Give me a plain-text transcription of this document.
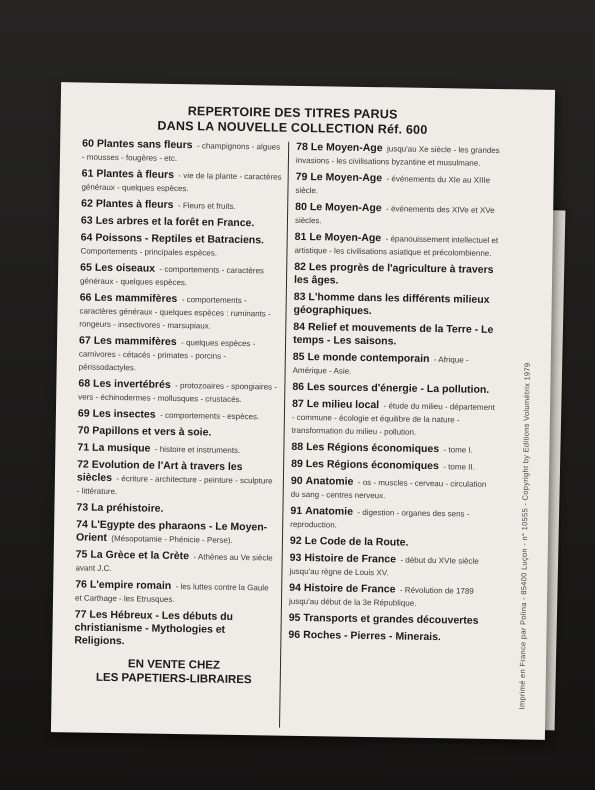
REPERTOIRE DES TITRES PARUS
DANS LA NOUVELLE COLLECTION Réf. 600
60 Plantes sans fleurs - champignons - algues - mousses - fougères - etc.
61 Plantes à fleurs - vie de la plante - caractères généraux - quelques espèces.
62 Plantes à fleurs - Fleurs et fruits.
63 Les arbres et la forêt en France.
64 Poissons - Reptiles et Batraciens. Comportements - principales espèces.
65 Les oiseaux - comportements - caractères généraux - quelques espèces.
66 Les mammifères - comportements - caractères généraux - quelques espèces : ruminants - rongeurs - insectivores - marsupiaux.
67 Les mammifères - quelques espèces - carnivores - cétacés - primates - porcins - périssodactyles.
68 Les invertébrés - protozoaires - spongiaires - vers - échinodermes - mollusques - crustacés.
69 Les insectes - comportements - espèces.
70 Papillons et vers à soie.
71 La musique - histoire et instruments.
72 Evolution de l'Art à travers les siècles - écriture - architecture - peinture - sculpture - littérature.
73 La préhistoire.
74 L'Egypte des pharaons - Le Moyen-Orient (Mésopotamie - Phénicie - Perse).
75 La Grèce et la Crète - Athènes au Ve siècle avant J.C.
76 L'empire romain - les luttes contre la Gaule et Carthage - les Etrusques.
77 Les Hébreux - Les débuts du christianisme - Mythologies et Religions.
EN VENTE CHEZ
LES PAPETIERS-LIBRAIRES
78 Le Moyen-Age jusqu'au Xe siècle - les grandes invasions - les civilisations byzantine et musulmane.
79 Le Moyen-Age - événements du XIe au XIIIe siècle.
80 Le Moyen-Age - événements des XIVe et XVe siècles.
81 Le Moyen-Age - épanouissement intellectuel et artistique - les civilisations asiatique et précolombienne.
82 Les progrès de l'agriculture à travers les âges.
83 L'homme dans les différents milieux géographiques.
84 Relief et mouvements de la Terre - Le temps - Les saisons.
85 Le monde contemporain - Afrique - Amérique - Asie.
86 Les sources d'énergie - La pollution.
87 Le milieu local - étude du milieu - département - commune - écologie et équilibre de la nature - transformation du milieu - pollution.
88 Les Régions économiques - tome I.
89 Les Régions économiques - tome II.
90 Anatomie - os - muscles - cerveau - circulation du sang - centres nerveux.
91 Anatomie - digestion - organes des sens - reproduction.
92 Le Code de la Route.
93 Histoire de France - début du XVIe siècle jusqu'au règne de Louis XV.
94 Histoire de France - Révolution de 1789 jusqu'au début de la 3e République.
95 Transports et grandes découvertes
96 Roches - Pierres - Minerais.	Imprimé en France par Polina - 85400 Luçon - n° 10555 - Copyright by Editions Volumétrix 1979
